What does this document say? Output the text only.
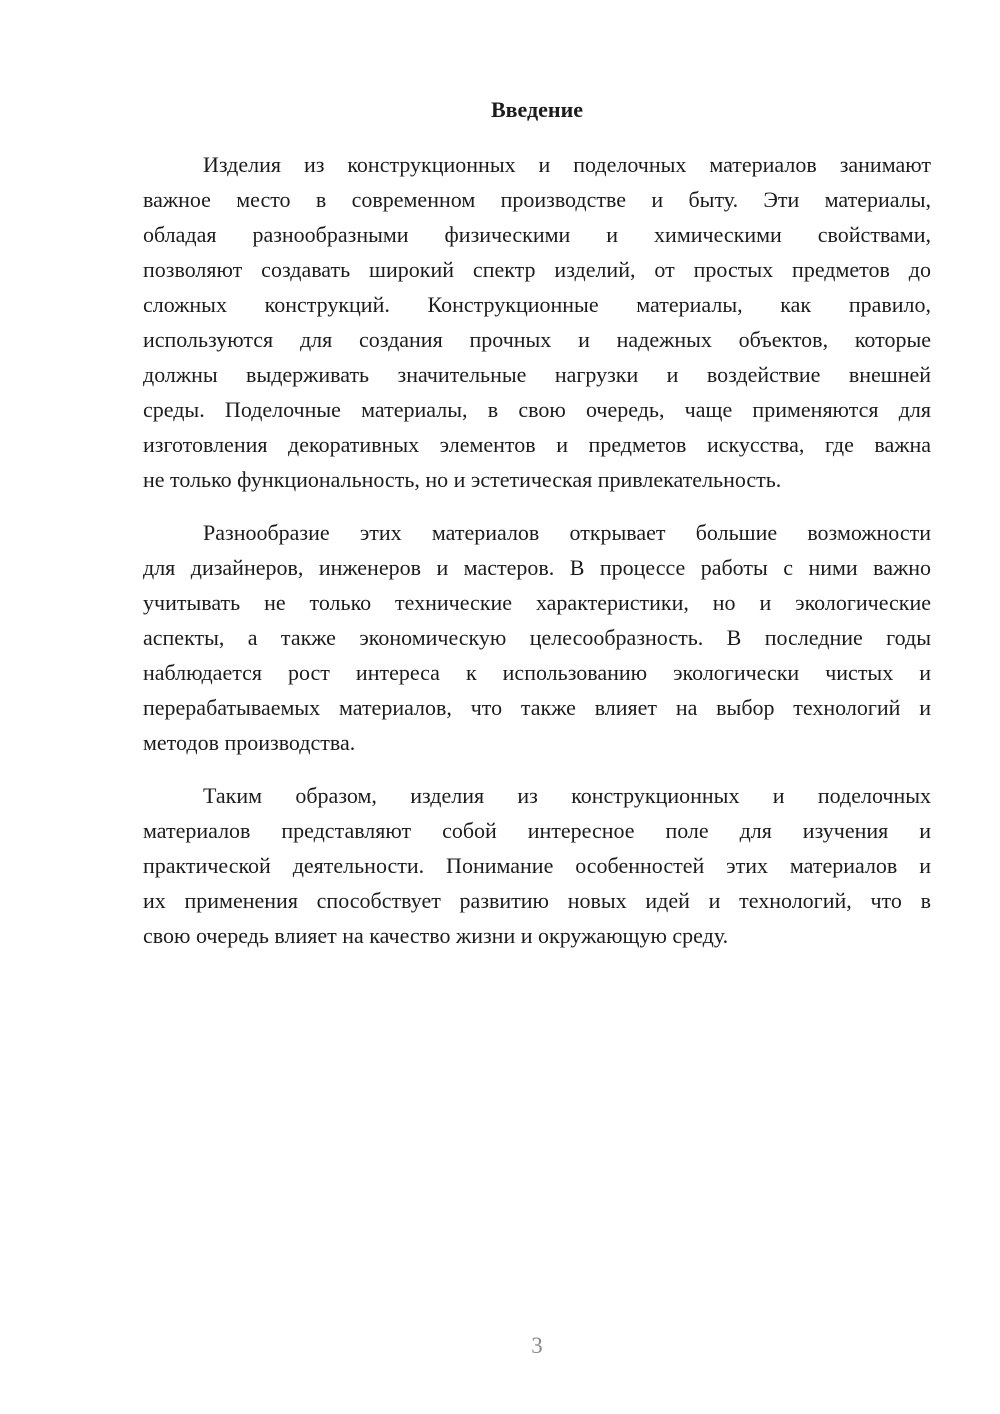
Введение
Изделия из конструкционных и поделочных материалов занимают
важное место в современном производстве и быту. Эти материалы,
обладая разнообразными физическими и химическими свойствами,
позволяют создавать широкий спектр изделий, от простых предметов до
сложных конструкций. Конструкционные материалы, как правило,
используются для создания прочных и надежных объектов, которые
должны выдерживать значительные нагрузки и воздействие внешней
среды. Поделочные материалы, в свою очередь, чаще применяются для
изготовления декоративных элементов и предметов искусства, где важна
не только функциональность, но и эстетическая привлекательность.
Разнообразие этих материалов открывает большие возможности
для дизайнеров, инженеров и мастеров. В процессе работы с ними важно
учитывать не только технические характеристики, но и экологические
аспекты, а также экономическую целесообразность. В последние годы
наблюдается рост интереса к использованию экологически чистых и
перерабатываемых материалов, что также влияет на выбор технологий и
методов производства.
Таким образом, изделия из конструкционных и поделочных
материалов представляют собой интересное поле для изучения и
практической деятельности. Понимание особенностей этих материалов и
их применения способствует развитию новых идей и технологий, что в
свою очередь влияет на качество жизни и окружающую среду.
3
